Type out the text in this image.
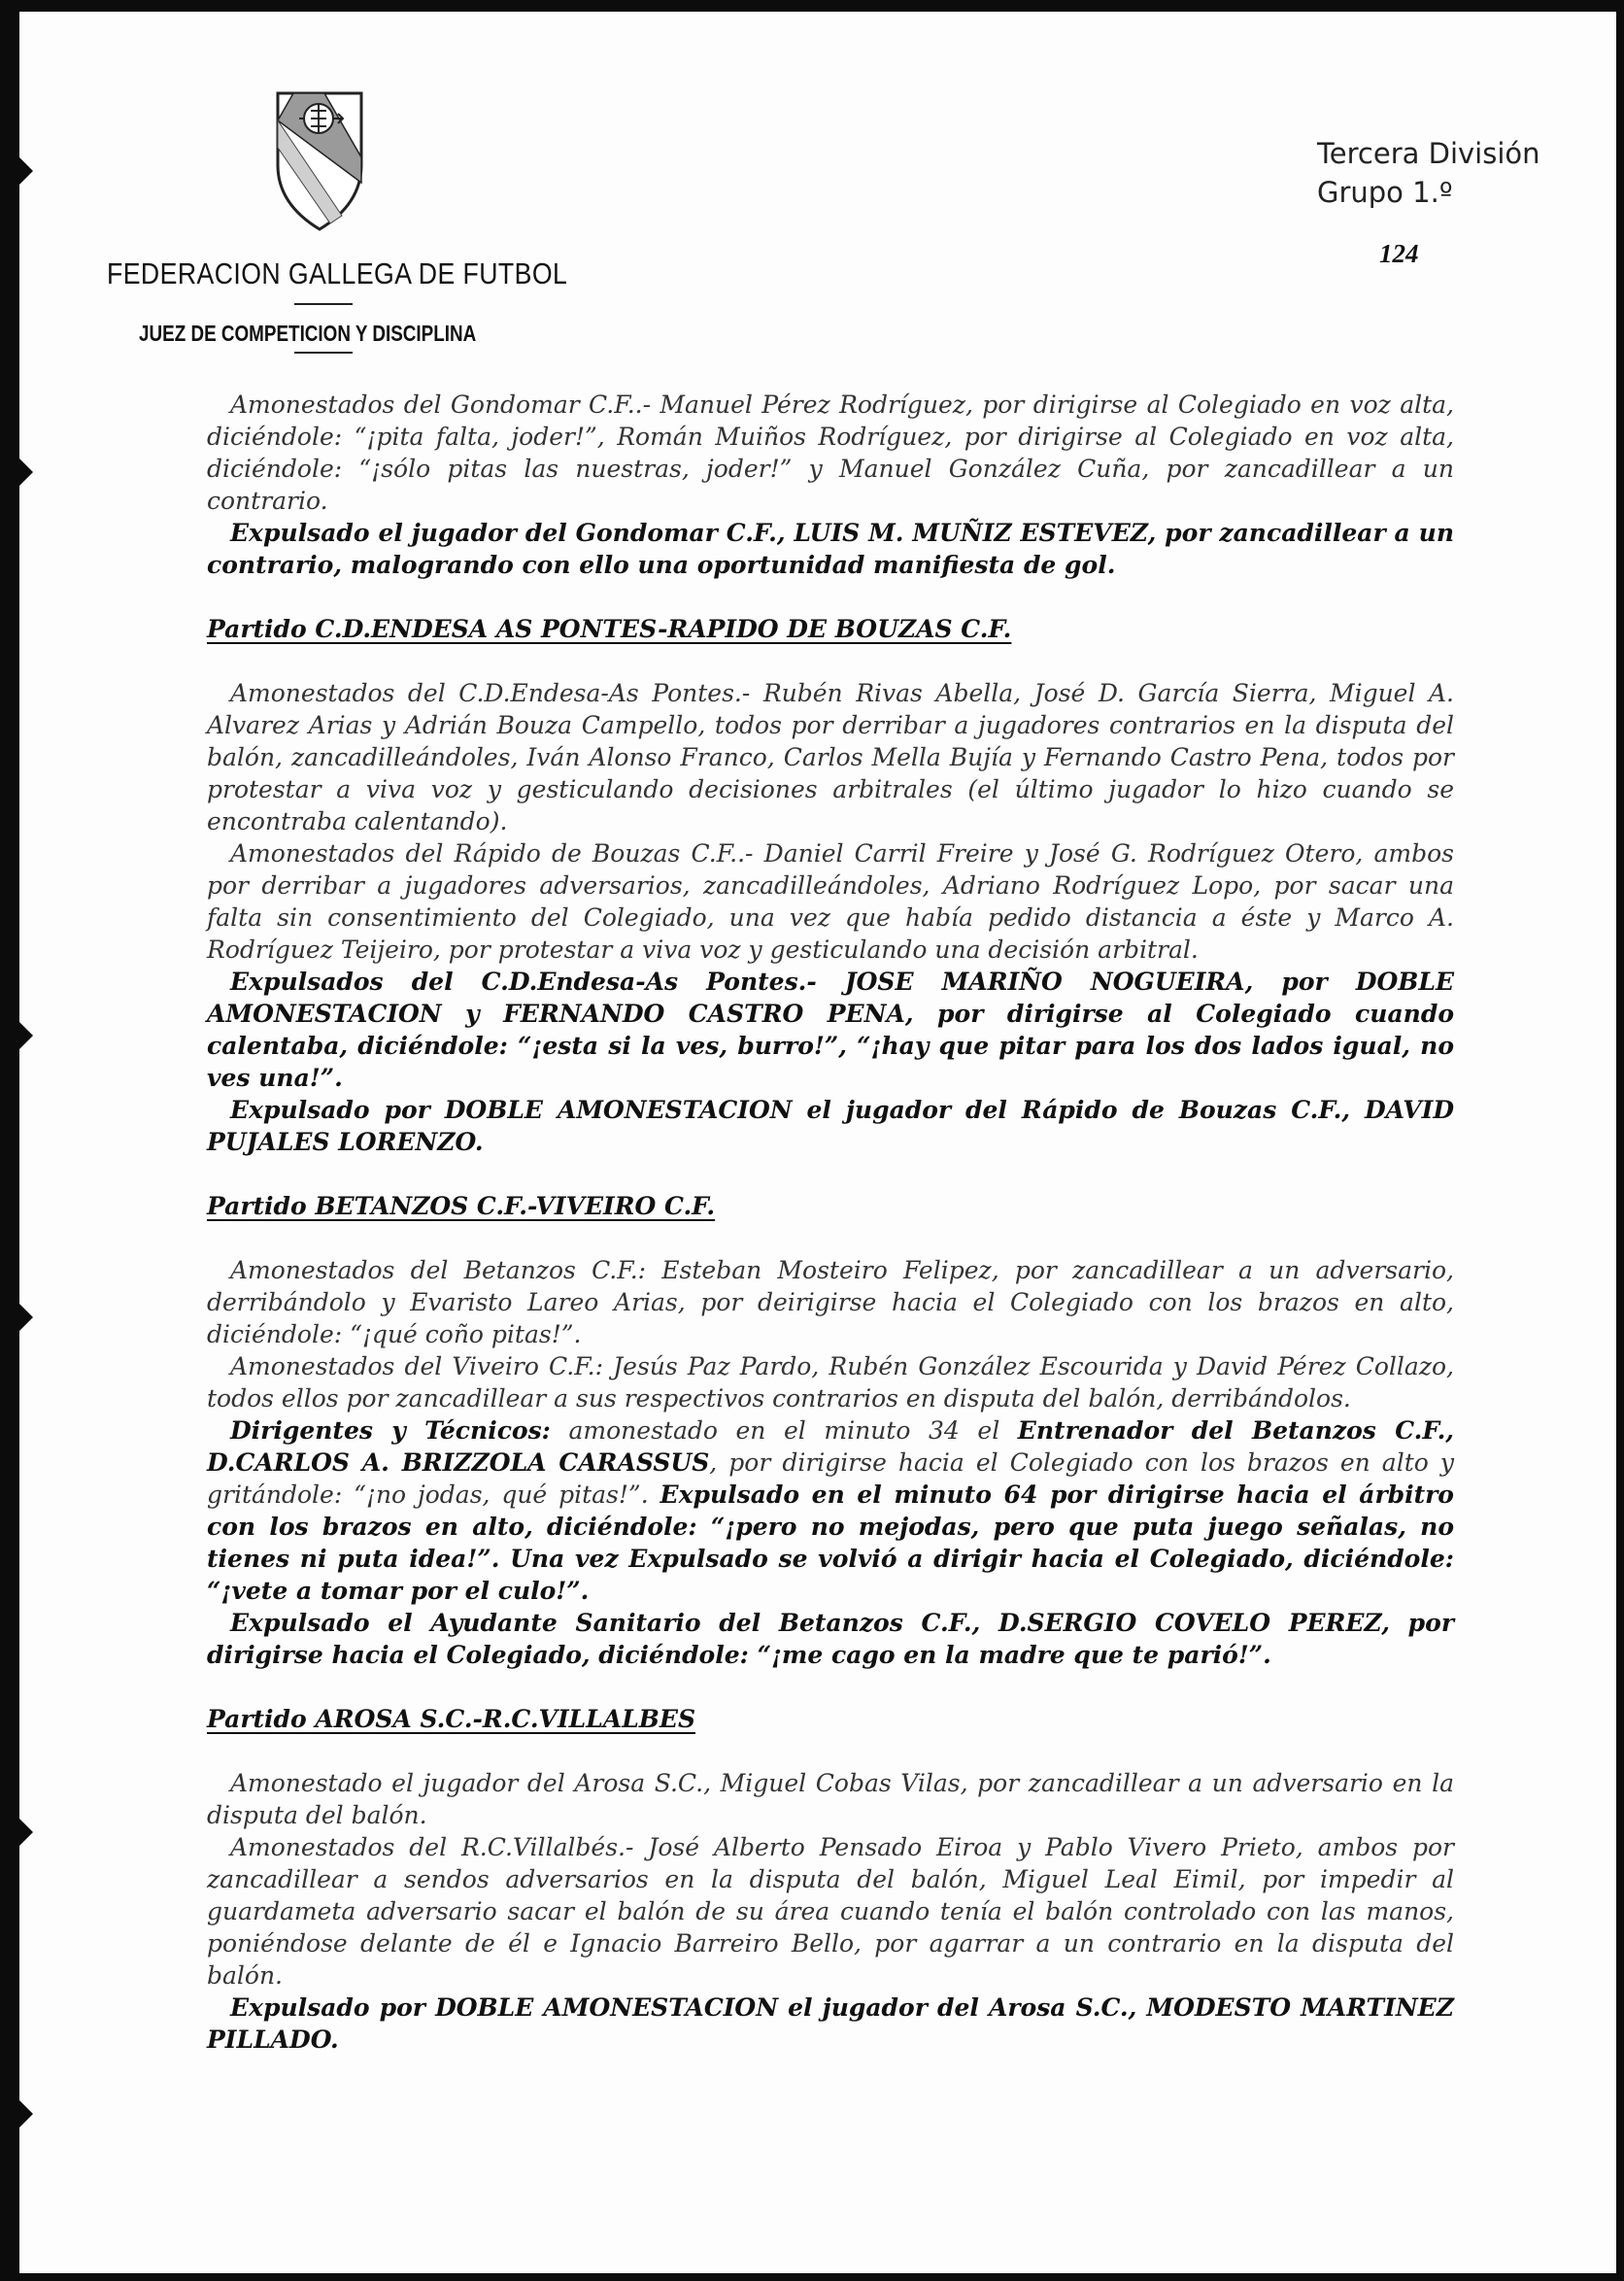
FEDERACION GALLEGA DE FUTBOL
JUEZ DE COMPETICION Y DISCIPLINA
Tercera División
Grupo 1.º
124

Amonestados del Gondomar C.F..- Manuel Pérez Rodríguez, por dirigirse al Colegiado en voz alta, diciéndole: “¡pita falta, joder!”, Román Muiños Rodríguez, por dirigirse al Colegiado en voz alta, diciéndole: “¡sólo pitas las nuestras, joder!” y Manuel González Cuña, por zancadillear a un contrario.

Expulsado el jugador del Gondomar C.F., LUIS M. MUÑIZ ESTEVEZ, por zancadillear a un contrario, malogrando con ello una oportunidad manifiesta de gol.

Partido C.D.ENDESA AS PONTES-RAPIDO DE BOUZAS C.F.

Amonestados del C.D.Endesa-As Pontes.- Rubén Rivas Abella, José D. García Sierra, Miguel A. Alvarez Arias y Adrián Bouza Campello, todos por derribar a jugadores contrarios en la disputa del balón, zancadilleándoles, Iván Alonso Franco, Carlos Mella Bujía y Fernando Castro Pena, todos por protestar a viva voz y gesticulando decisiones arbitrales (el último jugador lo hizo cuando se encontraba calentando).

Amonestados del Rápido de Bouzas C.F..- Daniel Carril Freire y José G. Rodríguez Otero, ambos por derribar a jugadores adversarios, zancadilleándoles, Adriano Rodríguez Lopo, por sacar una falta sin consentimiento del Colegiado, una vez que había pedido distancia a éste y Marco A. Rodríguez Teijeiro, por protestar a viva voz y gesticulando una decisión arbitral.

Expulsados del C.D.Endesa-As Pontes.- JOSE MARIÑO NOGUEIRA, por DOBLE AMONESTACION y FERNANDO CASTRO PENA, por dirigirse al Colegiado cuando calentaba, diciéndole: “¡esta si la ves, burro!”, “¡hay que pitar para los dos lados igual, no ves una!”.

Expulsado por DOBLE AMONESTACION el jugador del Rápido de Bouzas C.F., DAVID PUJALES LORENZO.

Partido BETANZOS C.F.-VIVEIRO C.F.

Amonestados del Betanzos C.F.: Esteban Mosteiro Felipez, por zancadillear a un adversario, derribándolo y Evaristo Lareo Arias, por deirigirse hacia el Colegiado con los brazos en alto, diciéndole: “¡qué coño pitas!”.

Amonestados del Viveiro C.F.: Jesús Paz Pardo, Rubén González Escourida y David Pérez Collazo, todos ellos por zancadillear a sus respectivos contrarios en disputa del balón, derribándolos.

Dirigentes y Técnicos: amonestado en el minuto 34 el Entrenador del Betanzos C.F., D.CARLOS A. BRIZZOLA CARASSUS, por dirigirse hacia el Colegiado con los brazos en alto y gritándole: “¡no jodas, qué pitas!”. Expulsado en el minuto 64 por dirigirse hacia el árbitro con los brazos en alto, diciéndole: “¡pero no mejodas, pero que puta juego señalas, no tienes ni puta idea!”. Una vez Expulsado se volvió a dirigir hacia el Colegiado, diciéndole: “¡vete a tomar por el culo!”.

Expulsado el Ayudante Sanitario del Betanzos C.F., D.SERGIO COVELO PEREZ, por dirigirse hacia el Colegiado, diciéndole: “¡me cago en la madre que te parió!”.

Partido AROSA S.C.-R.C.VILLALBES

Amonestado el jugador del Arosa S.C., Miguel Cobas Vilas, por zancadillear a un adversario en la disputa del balón.

Amonestados del R.C.Villalbés.- José Alberto Pensado Eiroa y Pablo Vivero Prieto, ambos por zancadillear a sendos adversarios en la disputa del balón, Miguel Leal Eimil, por impedir al guardameta adversario sacar el balón de su área cuando tenía el balón controlado con las manos, poniéndose delante de él e Ignacio Barreiro Bello, por agarrar a un contrario en la disputa del balón.

Expulsado por DOBLE AMONESTACION el jugador del Arosa S.C., MODESTO MARTINEZ PILLADO.
